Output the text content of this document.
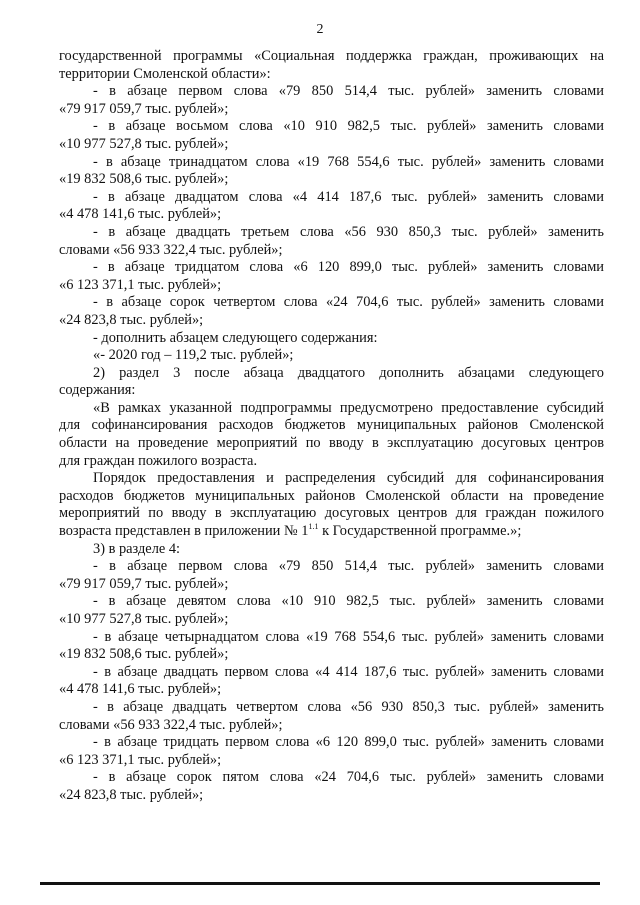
2

государственной программы «Социальная поддержка граждан, проживающих на

территории Смоленской области»:

- в абзаце первом слова «79 850 514,4 тыс. рублей» заменить словами

«79 917 059,7 тыс. рублей»;

- в абзаце восьмом слова «10 910 982,5 тыс. рублей» заменить словами

«10 977 527,8 тыс. рублей»;

- в абзаце тринадцатом слова «19 768 554,6 тыс. рублей» заменить словами

«19 832 508,6 тыс. рублей»;

- в абзаце двадцатом слова «4 414 187,6 тыс. рублей» заменить словами

«4 478 141,6 тыс. рублей»;

- в абзаце двадцать третьем слова «56 930 850,3 тыс. рублей» заменить

словами «56 933 322,4 тыс. рублей»;

- в абзаце тридцатом слова «6 120 899,0 тыс. рублей» заменить словами

«6 123 371,1 тыс. рублей»;

- в абзаце сорок четвертом слова «24 704,6 тыс. рублей» заменить словами

«24 823,8 тыс. рублей»;

- дополнить абзацем следующего содержания:

«- 2020 год – 119,2 тыс. рублей»;

2) раздел 3 после абзаца двадцатого дополнить абзацами следующего

содержания:

«В рамках указанной подпрограммы предусмотрено предоставление субсидий

для софинансирования расходов бюджетов муниципальных районов Смоленской

области на проведение мероприятий по вводу в эксплуатацию досуговых центров

для граждан пожилого возраста.

Порядок предоставления и распределения субсидий для софинансирования

расходов бюджетов муниципальных районов Смоленской области на проведение

мероприятий по вводу в эксплуатацию досуговых центров для граждан пожилого

возраста представлен в приложении № $1^{1.1}$ к Государственной программе.»;

3) в разделе 4:

- в абзаце первом слова «79 850 514,4 тыс. рублей» заменить словами

«79 917 059,7 тыс. рублей»;

- в абзаце девятом слова «10 910 982,5 тыс. рублей» заменить словами

«10 977 527,8 тыс. рублей»;

- в абзаце четырнадцатом слова «19 768 554,6 тыс. рублей» заменить словами

«19 832 508,6 тыс. рублей»;

- в абзаце двадцать первом слова «4 414 187,6 тыс. рублей» заменить словами

«4 478 141,6 тыс. рублей»;

- в абзаце двадцать четвертом слова «56 930 850,3 тыс. рублей» заменить

словами «56 933 322,4 тыс. рублей»;

- в абзаце тридцать первом слова «6 120 899,0 тыс. рублей» заменить словами

«6 123 371,1 тыс. рублей»;

- в абзаце сорок пятом слова «24 704,6 тыс. рублей» заменить словами

«24 823,8 тыс. рублей»;
